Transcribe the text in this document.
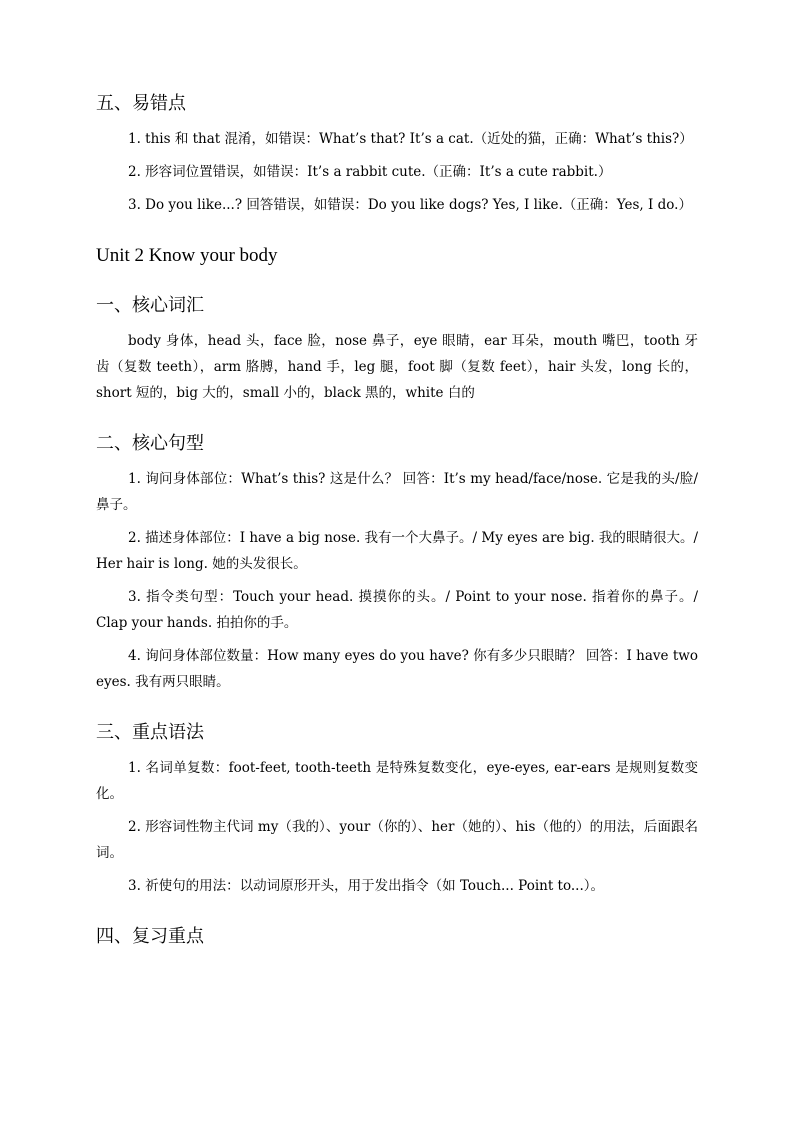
五、易错点

1. this 和 that 混淆，如错误：What’s that? It’s a cat.（近处的猫，正确：What’s this?）

2. 形容词位置错误，如错误：It’s a rabbit cute.（正确：It’s a cute rabbit.）

3. Do you like...? 回答错误，如错误：Do you like dogs? Yes, I like.（正确：Yes, I do.）

Unit 2 Know your body
一、核心词汇

body 身体，head 头，face 脸，nose 鼻子，eye 眼睛，ear 耳朵，mouth 嘴巴，tooth 牙齿（复数 teeth），arm 胳膊，hand 手，leg 腿，foot 脚（复数 feet），hair 头发，long 长的，short 短的，big 大的，small 小的，black 黑的，white 白的

二、核心句型

1. 询问身体部位：What’s this? 这是什么？ 回答：It’s my head/face/nose. 它是我的头/脸/鼻子。

2. 描述身体部位：I have a big nose. 我有一个大鼻子。/ My eyes are big. 我的眼睛很大。/ Her hair is long. 她的头发很长。

3. 指令类句型：Touch your head. 摸摸你的头。/ Point to your nose. 指着你的鼻子。/ Clap your hands. 拍拍你的手。

4. 询问身体部位数量：How many eyes do you have? 你有多少只眼睛？ 回答：I have two eyes. 我有两只眼睛。

三、重点语法

1. 名词单复数：foot-feet, tooth-teeth 是特殊复数变化，eye-eyes, ear-ears 是规则复数变化。

2. 形容词性物主代词 my（我的）、your（你的）、her（她的）、his（他的）的用法，后面跟名词。

3. 祈使句的用法：以动词原形开头，用于发出指令（如 Touch... Point to...）。

四、复习重点
